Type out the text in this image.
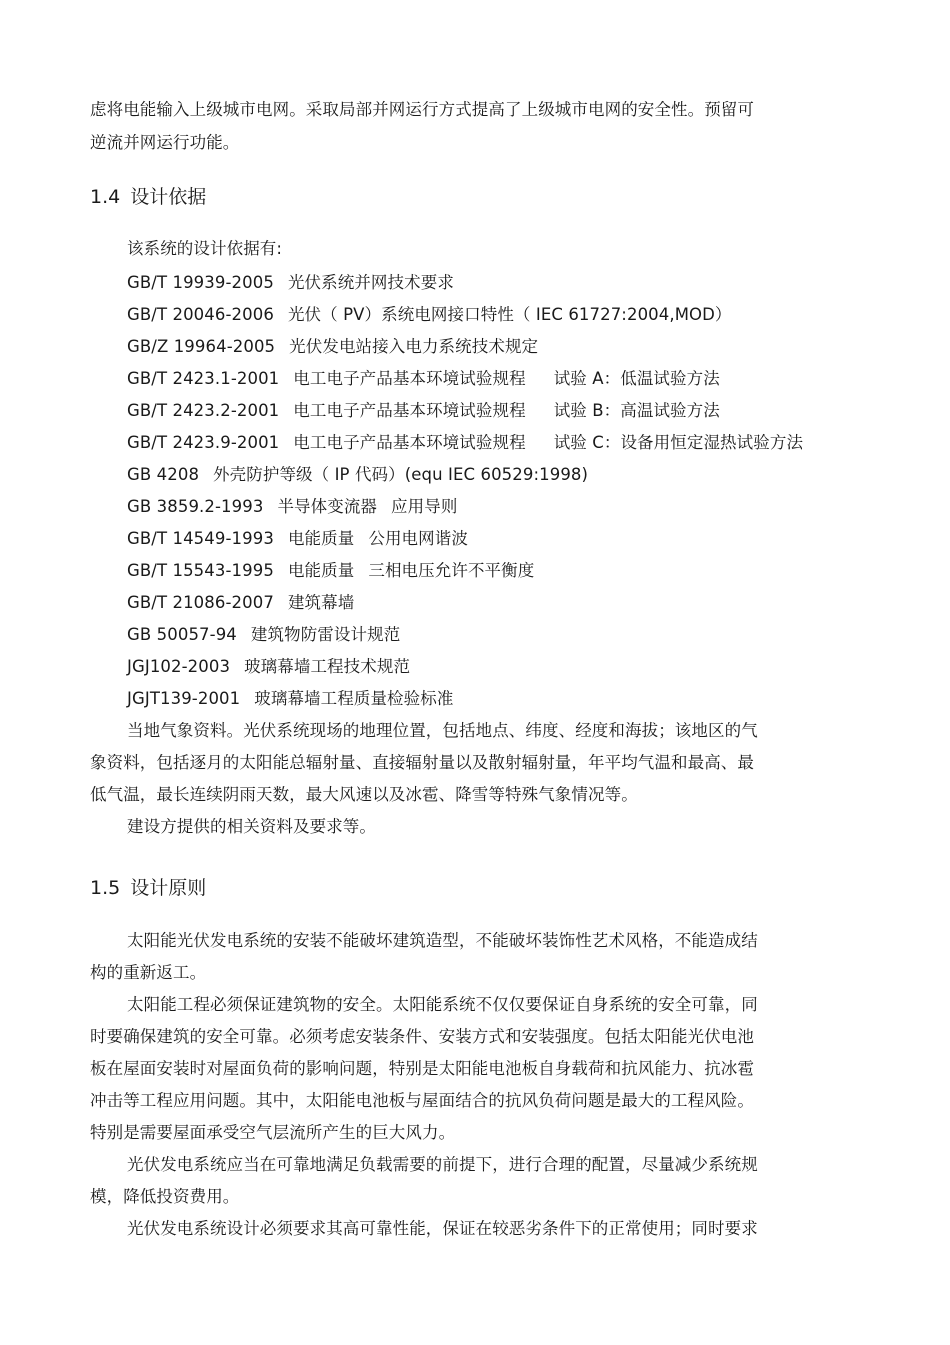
虑将电能输入上级城市电网。采取局部并网运行方式提高了上级城市电网的安全性。预留可
逆流并网运行功能。
1.4 设计依据
该系统的设计依据有:
GB/T 19939-2005 光伏系统并网技术要求
GB/T 20046-2006 光伏（ PV）系统电网接口特性（ IEC 61727:2004,MOD）
GB/Z 19964-2005 光伏发电站接入电力系统技术规定
GB/T 2423.1-2001 电工电子产品基本环境试验规程 试验 A：低温试验方法
GB/T 2423.2-2001 电工电子产品基本环境试验规程 试验 B：高温试验方法
GB/T 2423.9-2001 电工电子产品基本环境试验规程 试验 C：设备用恒定湿热试验方法
GB 4208 外壳防护等级（ IP 代码）(equ IEC 60529:1998)
GB 3859.2-1993 半导体变流器 应用导则
GB/T 14549-1993 电能质量 公用电网谐波
GB/T 15543-1995 电能质量 三相电压允许不平衡度
GB/T 21086-2007 建筑幕墙
GB 50057-94 建筑物防雷设计规范
JGJ102-2003 玻璃幕墙工程技术规范
JGJT139-2001 玻璃幕墙工程质量检验标准
当地气象资料。光伏系统现场的地理位置，包括地点、纬度、经度和海拔；该地区的气
象资料，包括逐月的太阳能总辐射量、直接辐射量以及散射辐射量，年平均气温和最高、最
低气温，最长连续阴雨天数，最大风速以及冰雹、降雪等特殊气象情况等。
建设方提供的相关资料及要求等。
1.5 设计原则
太阳能光伏发电系统的安装不能破坏建筑造型，不能破坏装饰性艺术风格，不能造成结
构的重新返工。
太阳能工程必须保证建筑物的安全。太阳能系统不仅仅要保证自身系统的安全可靠，同
时要确保建筑的安全可靠。必须考虑安装条件、安装方式和安装强度。包括太阳能光伏电池
板在屋面安装时对屋面负荷的影响问题，特别是太阳能电池板自身载荷和抗风能力、抗冰雹
冲击等工程应用问题。其中，太阳能电池板与屋面结合的抗风负荷问题是最大的工程风险。
特别是需要屋面承受空气层流所产生的巨大风力。
光伏发电系统应当在可靠地满足负载需要的前提下，进行合理的配置，尽量减少系统规
模，降低投资费用。
光伏发电系统设计必须要求其高可靠性能，保证在较恶劣条件下的正常使用；同时要求
